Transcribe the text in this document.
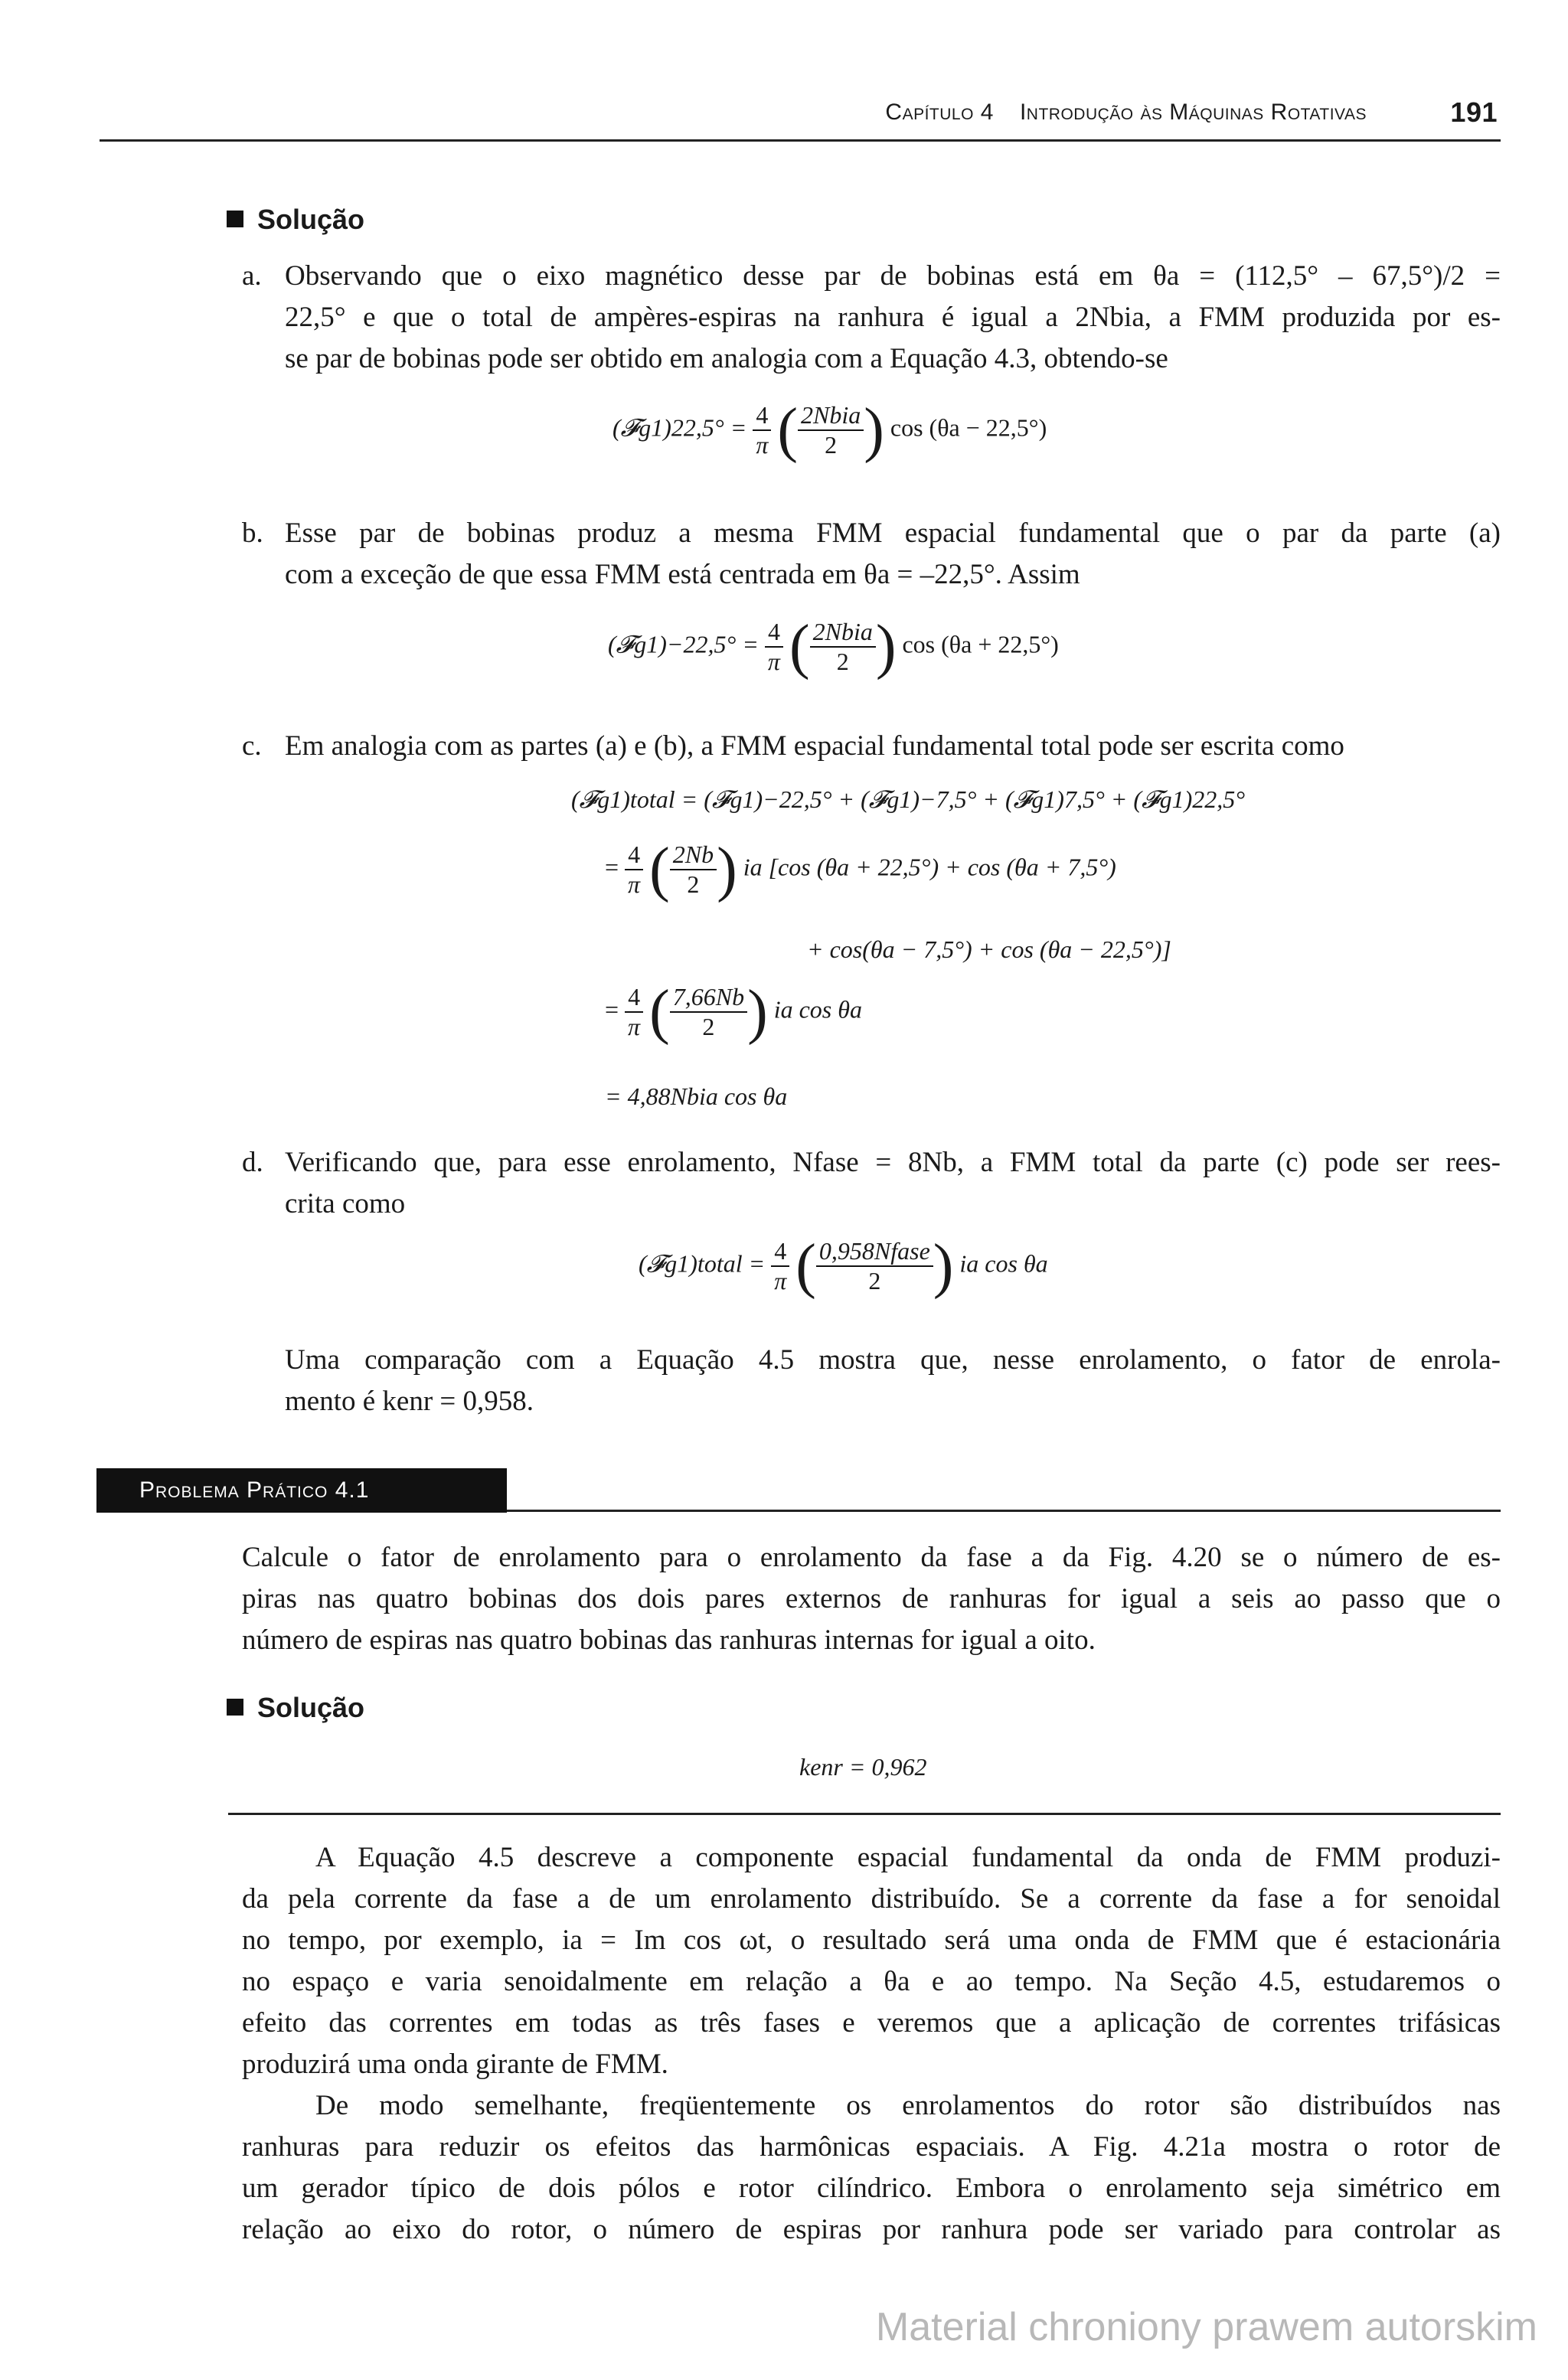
Capítulo 4 Introdução às Máquinas Rotativas	191
Solução
a. Observando que o eixo magnético desse par de bobinas está em θa = (112,5° – 67,5°)/2 =
22,5° e que o total de ampères-espiras na ranhura é igual a 2Nbia, a FMM produzida por es-
se par de bobinas pode ser obtido em analogia com a Equação 4.3, obtendo-se
(𝓕g1)22,5° = $\frac{4}{\pi}$ ( 2Nbia
2 ) cos (θa − 22,5°)
b. Esse par de bobinas produz a mesma FMM espacial fundamental que o par da parte (a)
com a exceção de que essa FMM está centrada em θa = –22,5°. Assim
(𝓕g1)−22,5° = $\frac{4}{\pi}$ ( 2Nbia
2 ) cos (θa + 22,5°)
c. Em analogia com as partes (a) e (b), a FMM espacial fundamental total pode ser escrita como
(𝓕g1)total = (𝓕g1)−22,5° + (𝓕g1)−7,5° + (𝓕g1)7,5° + (𝓕g1)22,5°
= $\frac{4}{\pi}$ ( $\frac{2Nb}{2}$ ) ia [cos (θa + 22,5°) + cos (θa + 7,5°)
+ cos(θa − 7,5°) + cos (θa − 22,5°)]
= $\frac{4}{\pi}$ ( $\frac{7,66Nb}{2}$ ) ia cos θa
= 4,88Nbia cos θa
d. Verificando que, para esse enrolamento, Nfase = 8Nb, a FMM total da parte (c) pode ser rees-
crita como
(𝓕g1)total = $\frac{4}{\pi}$ ( 0,958Nfase
2 ) ia cos θa
Uma comparação com a Equação 4.5 mostra que, nesse enrolamento, o fator de enrola-
mento é kenr = 0,958.
Problema Prático 4.1
Calcule o fator de enrolamento para o enrolamento da fase a da Fig. 4.20 se o número de es-
piras nas quatro bobinas dos dois pares externos de ranhuras for igual a seis ao passo que o
número de espiras nas quatro bobinas das ranhuras internas for igual a oito.
Solução
kenr = 0,962
A Equação 4.5 descreve a componente espacial fundamental da onda de FMM produzi-
da pela corrente da fase a de um enrolamento distribuído. Se a corrente da fase a for senoidal
no tempo, por exemplo, ia = Im cos ωt, o resultado será uma onda de FMM que é estacionária
no espaço e varia senoidalmente em relação a θa e ao tempo. Na Seção 4.5, estudaremos o
efeito das correntes em todas as três fases e veremos que a aplicação de correntes trifásicas
produzirá uma onda girante de FMM.
De modo semelhante, freqüentemente os enrolamentos do rotor são distribuídos nas
ranhuras para reduzir os efeitos das harmônicas espaciais. A Fig. 4.21a mostra o rotor de
um gerador típico de dois pólos e rotor cilíndrico. Embora o enrolamento seja simétrico em
relação ao eixo do rotor, o número de espiras por ranhura pode ser variado para controlar as
Material chroniony prawem autorskim
